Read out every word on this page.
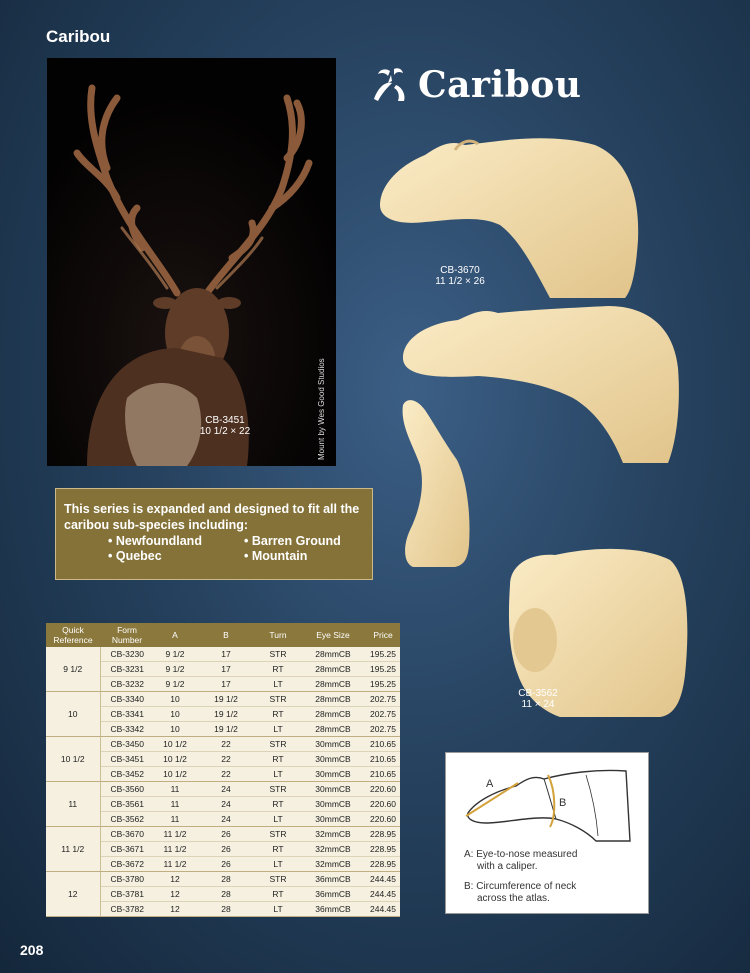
Caribou
Caribou
CB-3451
10 1/2 × 22	Mount by Wes Good Studios
CB-3670
11 1/2 × 26
CB-3562
11 × 24
This series is expanded and designed to fit all the
caribou sub-species including:
• Newfoundland	• Barren Ground
• Quebec	• Mountain
Quick
Reference	Form
Number	A	B	Turn	Eye Size	Price
9 1/2	CB-3230	9 1/2	17	STR	28mmCB	195.25
	CB-3231	9 1/2	17	RT	28mmCB	195.25
	CB-3232	9 1/2	17	LT	28mmCB	195.25
10	CB-3340	10	19 1/2	STR	28mmCB	202.75
	CB-3341	10	19 1/2	RT	28mmCB	202.75
	CB-3342	10	19 1/2	LT	28mmCB	202.75
10 1/2	CB-3450	10 1/2	22	STR	30mmCB	210.65
	CB-3451	10 1/2	22	RT	30mmCB	210.65
	CB-3452	10 1/2	22	LT	30mmCB	210.65
11	CB-3560	11	24	STR	30mmCB	220.60
	CB-3561	11	24	RT	30mmCB	220.60
	CB-3562	11	24	LT	30mmCB	220.60
11 1/2	CB-3670	11 1/2	26	STR	32mmCB	228.95
	CB-3671	11 1/2	26	RT	32mmCB	228.95
	CB-3672	11 1/2	26	LT	32mmCB	228.95
12	CB-3780	12	28	STR	36mmCB	244.45
	CB-3781	12	28	RT	36mmCB	244.45
	CB-3782	12	28	LT	36mmCB	244.45
A
B
A: Eye-to-nose measured
with a caliper.
B: Circumference of neck
across the atlas.
208
